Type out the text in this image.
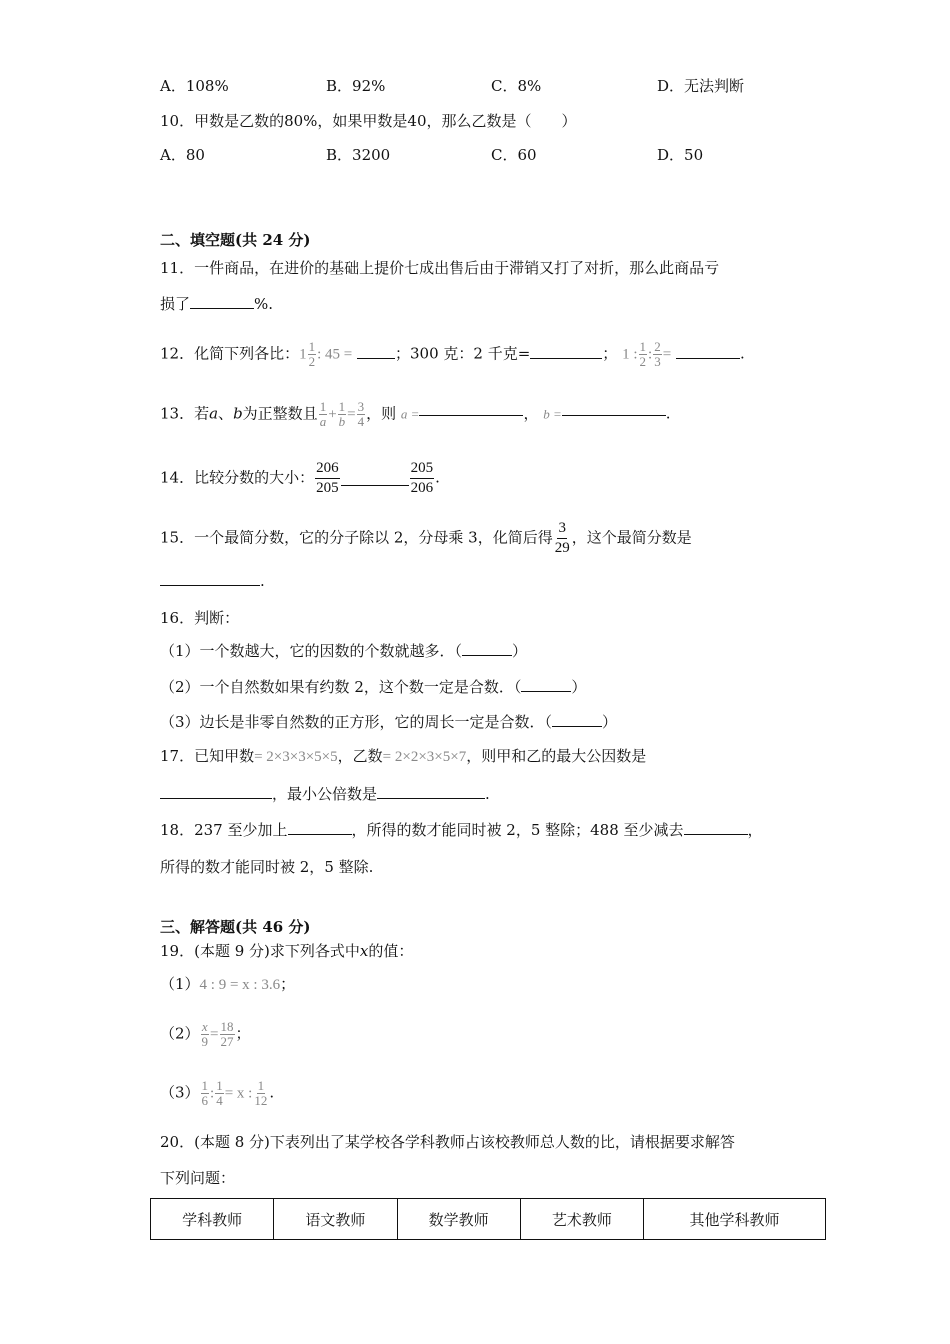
A．108%	B．92%	C．8%	D．无法判断
10．甲数是乙数的80%，如果甲数是40，那么乙数是（　　）
A．80	B．3200	C．60	D．50
二、填空题(共 24 分)
11．一件商品，在进价的基础上提价七成出售后由于滞销又打了对折，那么此商品亏
损了	%.
12．化简下列各比：$1 \frac{1}{2}$ : 45 =	；300 克：2 千克=	； 1 : $\frac{1}{2}$ : $\frac{2}{3}$ =	.
13．若a、b为正整数且 $\frac{1}{a} + \frac{1}{b} = \frac{3}{4}$ ，则 a =	， b =	.
14．比较分数的大小： $\frac{206}{205}$	$\frac{205}{206}$ .
15．一个最简分数，它的分子除以 2，分母乘 3，化简后得 $\frac{3}{29}$ ，这个最简分数是
.
16．判断：
（1）一个数越大，它的因数的个数就越多．（	）
（2）一个自然数如果有约数 2，这个数一定是合数．（	）
（3）边长是非零自然数的正方形，它的周长一定是合数．（	）
17．已知甲数= 2×3×3×5×5，乙数= 2×2×3×5×7，则甲和乙的最大公因数是
，最小公倍数是	.
18．237 至少加上	，所得的数才能同时被 2，5 整除；488 至少减去	，
所得的数才能同时被 2，5 整除.
三、解答题(共 46 分)
19．(本题 9 分)求下列各式中x的值：
（1）4 : 9 = x : 3.6；
$(2) \frac{x}{9} = \frac{18}{27}$ ；
$(3) \frac{1}{6}$ : $\frac{1}{4} = x$ : $\frac{1}{12}$ .
20．(本题 8 分)下表列出了某学校各学科教师占该校教师总人数的比，请根据要求解答
下列问题：
学科教师	语文教师	数学教师	艺术教师	其他学科教师
